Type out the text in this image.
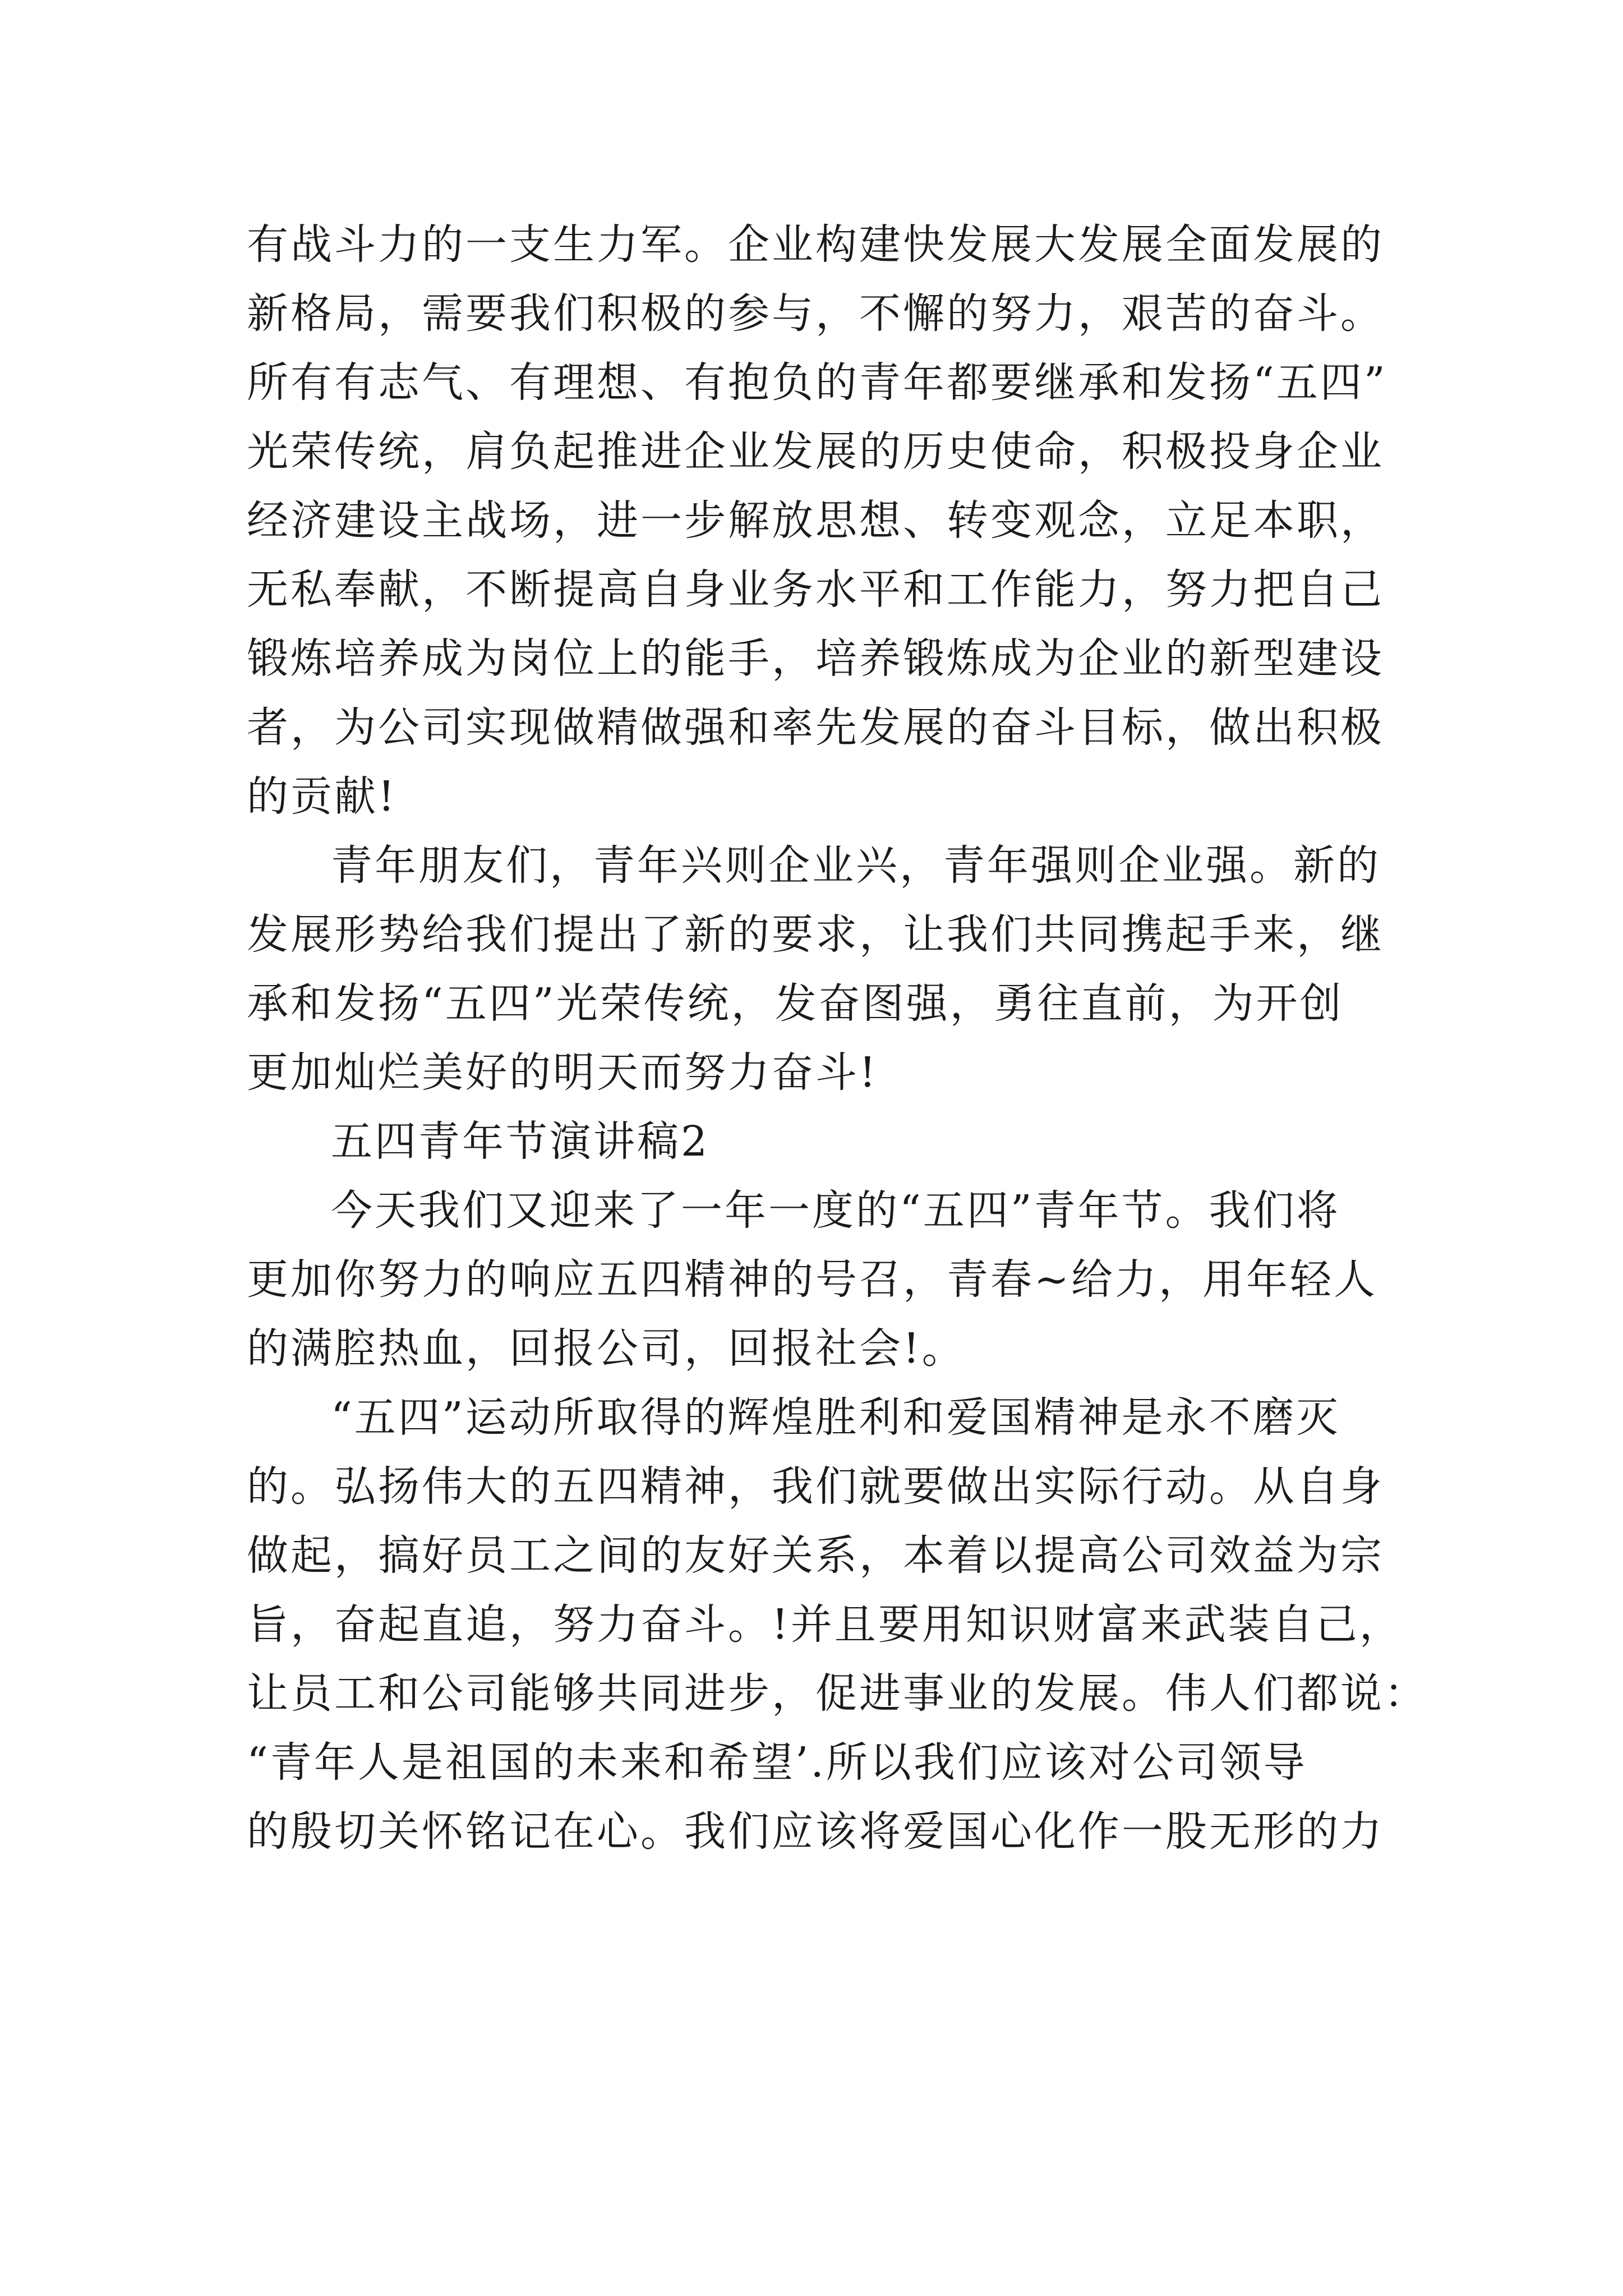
有战斗力的一支生力军。企业构建快发展大发展全面发展的
新格局，需要我们积极的参与，不懈的努力，艰苦的奋斗。
所有有志气、有理想、有抱负的青年都要继承和发扬“五四”
光荣传统，肩负起推进企业发展的历史使命，积极投身企业
经济建设主战场，进一步解放思想、转变观念，立足本职，
无私奉献，不断提高自身业务水平和工作能力，努力把自己
锻炼培养成为岗位上的能手，培养锻炼成为企业的新型建设
者，为公司实现做精做强和率先发展的奋斗目标，做出积极
的贡献!
青年朋友们，青年兴则企业兴，青年强则企业强。新的
发展形势给我们提出了新的要求，让我们共同携起手来，继
承和发扬“五四”光荣传统，发奋图强，勇往直前，为开创
更加灿烂美好的明天而努力奋斗!
五四青年节演讲稿2
今天我们又迎来了一年一度的“五四”青年节。我们将
更加你努力的响应五四精神的号召，青春~给力，用年轻人
的满腔热血，回报公司，回报社会!。
“五四”运动所取得的辉煌胜利和爱国精神是永不磨灭
的。弘扬伟大的五四精神，我们就要做出实际行动。从自身
做起，搞好员工之间的友好关系，本着以提高公司效益为宗
旨，奋起直追，努力奋斗。!并且要用知识财富来武装自己，
让员工和公司能够共同进步，促进事业的发展。伟人们都说：
“青年人是祖国的未来和希望’.所以我们应该对公司领导
的殷切关怀铭记在心。我们应该将爱国心化作一股无形的力
